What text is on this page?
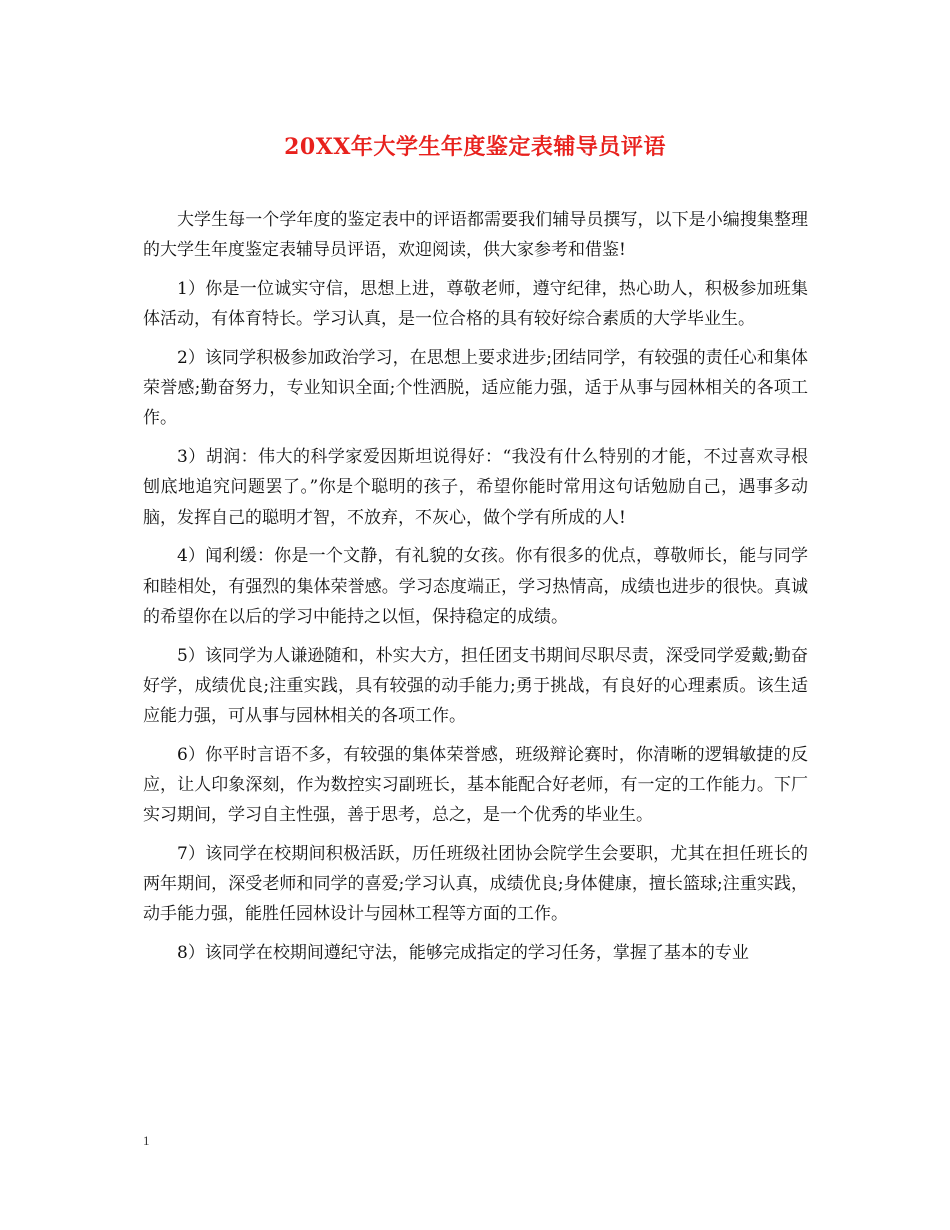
20XX年大学生年度鉴定表辅导员评语

大学生每一个学年度的鉴定表中的评语都需要我们辅导员撰写，以下是小编搜集整理的大学生年度鉴定表辅导员评语，欢迎阅读，供大家参考和借鉴!

1）你是一位诚实守信，思想上进，尊敬老师，遵守纪律，热心助人，积极参加班集体活动，有体育特长。学习认真，是一位合格的具有较好综合素质的大学毕业生。

2）该同学积极参加政治学习，在思想上要求进步;团结同学，有较强的责任心和集体荣誉感;勤奋努力，专业知识全面;个性洒脱，适应能力强，适于从事与园林相关的各项工作。

3）胡润：伟大的科学家爱因斯坦说得好：“我没有什么特别的才能，不过喜欢寻根刨底地追究问题罢了。”你是个聪明的孩子，希望你能时常用这句话勉励自己，遇事多动脑，发挥自己的聪明才智，不放弃，不灰心，做个学有所成的人!

4）闻利缓：你是一个文静，有礼貌的女孩。你有很多的优点，尊敬师长，能与同学和睦相处，有强烈的集体荣誉感。学习态度端正，学习热情高，成绩也进步的很快。真诚的希望你在以后的学习中能持之以恒，保持稳定的成绩。

5）该同学为人谦逊随和，朴实大方，担任团支书期间尽职尽责，深受同学爱戴;勤奋好学，成绩优良;注重实践，具有较强的动手能力;勇于挑战，有良好的心理素质。该生适应能力强，可从事与园林相关的各项工作。

6）你平时言语不多，有较强的集体荣誉感，班级辩论赛时，你清晰的逻辑敏捷的反应，让人印象深刻，作为数控实习副班长，基本能配合好老师，有一定的工作能力。下厂实习期间，学习自主性强，善于思考，总之，是一个优秀的毕业生。

7）该同学在校期间积极活跃，历任班级社团协会院学生会要职，尤其在担任班长的两年期间，深受老师和同学的喜爱;学习认真，成绩优良;身体健康，擅长篮球;注重实践，动手能力强，能胜任园林设计与园林工程等方面的工作。

8）该同学在校期间遵纪守法，能够完成指定的学习任务，掌握了基本的专业

1
